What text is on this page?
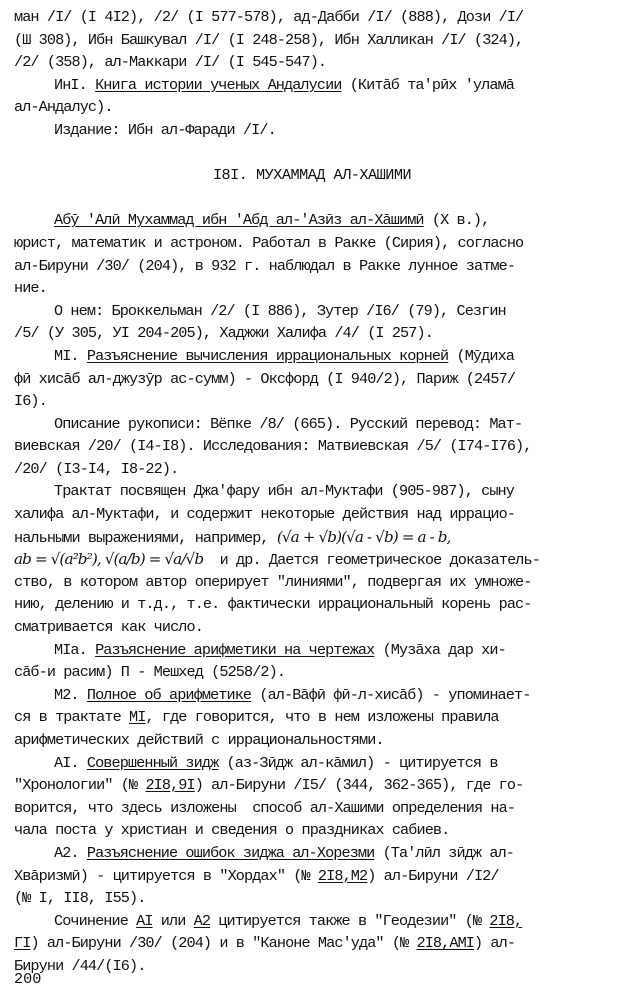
ман /I/ (I 4I2), /2/ (I 577-578), ад-Дабби /I/ (888), Дози /I/
(Ш 308), Ибн Башкувал /I/ (I 248-258), Ибн Халликан /I/ (324),
/2/ (358), ал-Маккари /I/ (I 545-547).
ИнI. Книга истории ученых Андалусии (Китāб та'рӣх 'уламā
ал-Андалус).
Издание: Ибн ал-Фаради /I/.
I8I. МУХАММАД АЛ-ХАШИМИ
Абӯ 'Алӣ Мухаммад ибн 'Абд ал-'Азӣз ал-Хāшимӣ (X в.),
юрист, математик и астроном. Работал в Ракке (Сирия), согласно
ал-Бируни /30/ (204), в 932 г. наблюдал в Ракке лунное затме-
ние.
О нем: Броккельман /2/ (I 886), Зутер /I6/ (79), Сезгин
/5/ (У 305, УI 204-205), Хаджжи Халифа /4/ (I 257).
МI. Разъяснение вычисления иррациональных корней (Мӯдиха
фӣ хисāб ал-джузӯр ас-сумм) - Оксфорд (I 940/2), Париж (2457/
I6).
Описание рукописи: Вёпке /8/ (665). Русский перевод: Мат-
виевская /20/ (I4-I8). Исследования: Матвиевская /5/ (I74-I76),
/20/ (I3-I4, I8-22).
Трактат посвящен Джа'фару ибн ал-Муктафи (905-987), сыну
халифа ал-Муктафи, и содержит некоторые действия над иррацио-
нальными выражениями, например, (√a + √b)(√a - √b) = a - b,
ab = √(a²b²), √(a/b) = √a/√b  и др. Дается геометрическое доказатель-
ство, в котором автор оперирует "линиями", подвергая их умноже-
нию, делению и т.д., т.е. фактически иррациональный корень рас-
сматривается как число.
МIа. Разъяснение арифметики на чертежах (Музāха дар хи-
сāб-и расим) П - Мешхед (5258/2).
М2. Полное об арифметике (ал-Вāфӣ фӣ-л-хисāб) - упоминает-
ся в трактате МI, где говорится, что в нем изложены правила
арифметических действий с иррациональностями.
АI. Совершенный зидж (аз-Зӣдж ал-кāмил) - цитируется в
"Хронологии" (№ 2I8,9I) ал-Бируни /I5/ (344, 362-365), где го-
ворится, что здесь изложены  способ ал-Хашими определения на-
чала поста у христиан и сведения о праздниках сабиев.
А2. Разъяснение ошибок зиджа ал-Хорезми (Та'лӣл зӣдж ал-
Хвāризмӣ) - цитируется в "Хордах" (№ 2I8,М2) ал-Бируни /I2/
(№ I, II8, I55).
Сочинение АI или А2 цитируется также в "Геодезии" (№ 2I8,
ГI) ал-Бируни /30/ (204) и в "Каноне Мас'уда" (№ 2I8,АМI) ал-
Бируни /44/(I6).
200
